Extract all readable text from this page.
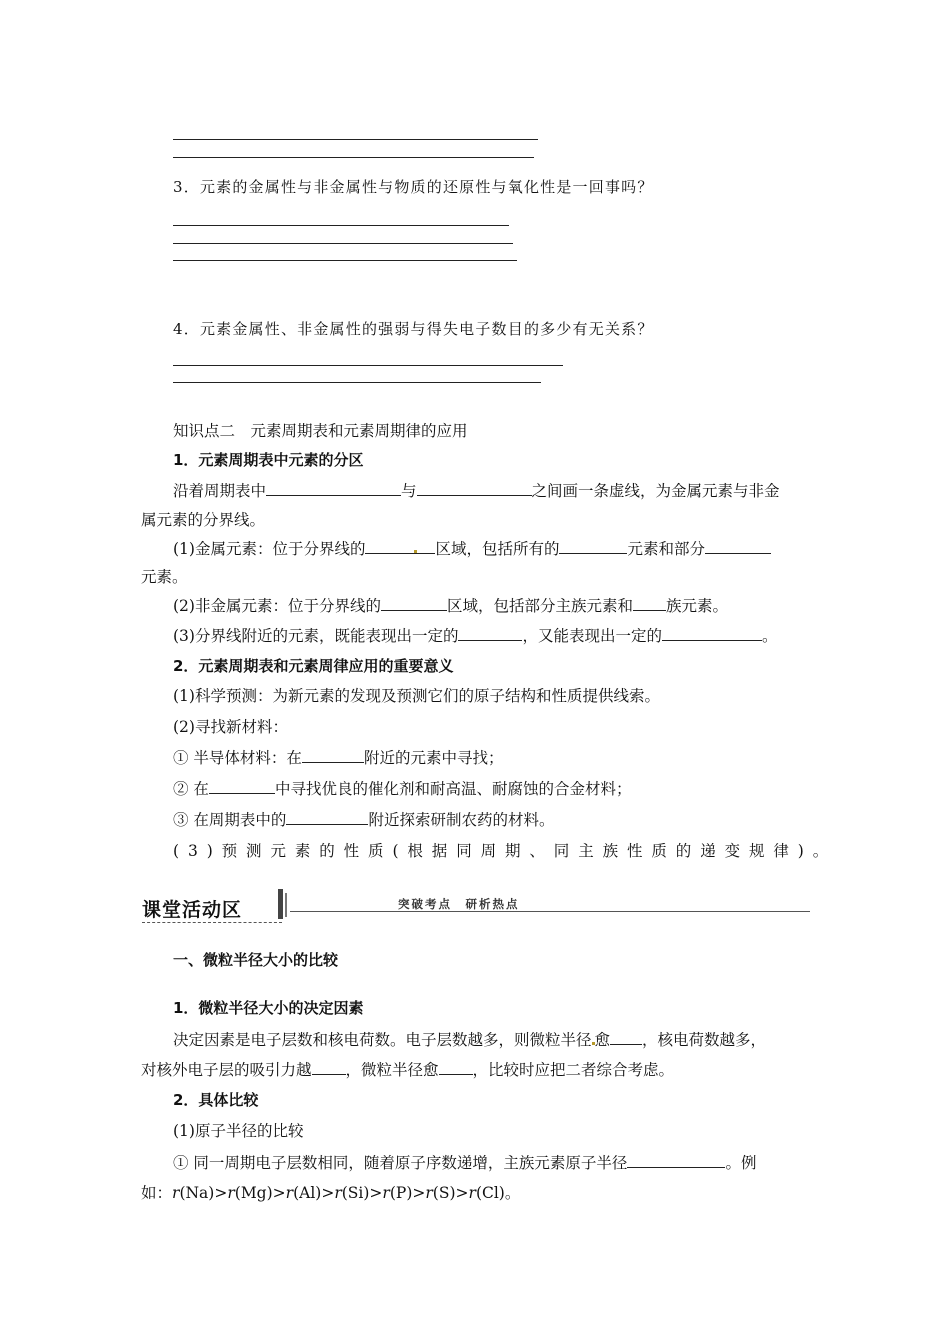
3．元素的金属性与非金属性与物质的还原性与氧化性是一回事吗？
4．元素金属性、非金属性的强弱与得失电子数目的多少有无关系？
知识点二　元素周期表和元素周期律的应用
1．元素周期表中元素的分区
沿着周期表中	与	之间画一条虚线，为金属元素与非金
属元素的分界线。
(1)金属元素：位于分界线的	区域，包括所有的	元素和部分
元素。
(2)非金属元素：位于分界线的	区域，包括部分主族元素和 族元素。
(3)分界线附近的元素，既能表现出一定的	，又能表现出一定的	。
2．元素周期表和元素周律应用的重要意义
(1)科学预测：为新元素的发现及预测它们的原子结构和性质提供线索。
(2)寻找新材料：
① 半导体材料：在	附近的元素中寻找；
② 在	中寻找优良的催化剂和耐高温、耐腐蚀的合金材料；
③ 在周期表中的	附近探索研制农药的材料。
(3)预测元素的性质(根据同周期、同主族性质的递变规律)。
课堂活动区	突破考点　研析热点
一、微粒半径大小的比较
1．微粒半径大小的决定因素
决定因素是电子层数和核电荷数。电子层数越多，则微粒半径 愈 ，核电荷数越多，
对核外电子层的吸引力越 ，微粒半径愈 ，比较时应把二者综合考虑。
2．具体比较
(1)原子半径的比较
① 同一周期电子层数相同，随着原子序数递增，主族元素原子半径	。例
如：r(Na)>r(Mg)>r(Al)>r(Si)>r(P)>r(S)>r(Cl)。
